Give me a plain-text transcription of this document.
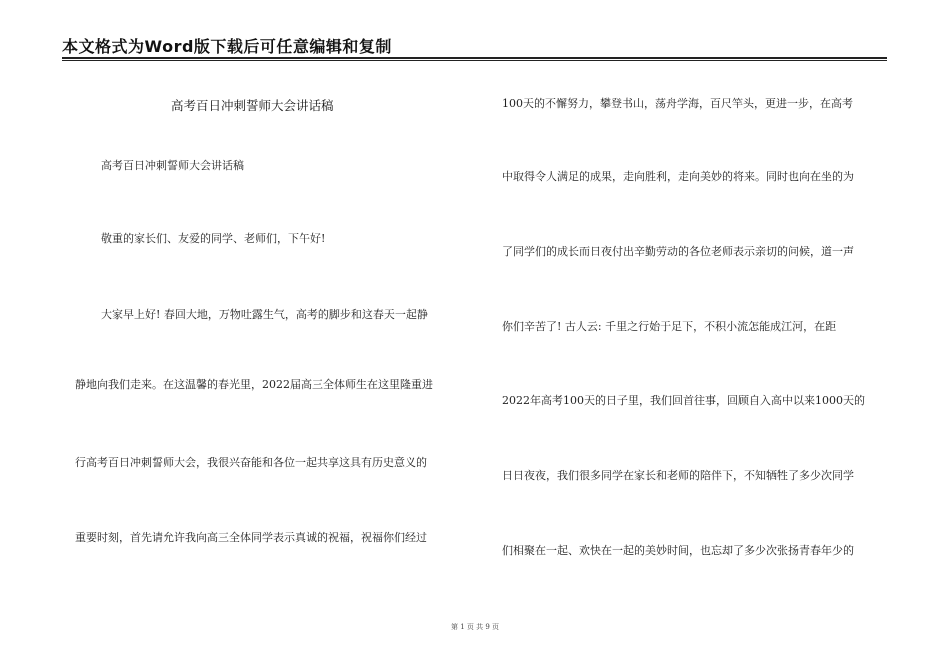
本文格式为Word版下载后可任意编辑和复制
高考百日冲刺誓师大会讲话稿
高考百日冲刺誓师大会讲话稿
敬重的家长们、友爱的同学、老师们，下午好!
大家早上好! 春回大地，万物吐露生气，高考的脚步和这春天一起静
静地向我们走来。在这温馨的春光里，2022届高三全体师生在这里隆重进
行高考百日冲刺誓师大会，我很兴奋能和各位一起共享这具有历史意义的
重要时刻，首先请允许我向高三全体同学表示真诚的祝福，祝福你们经过
100天的不懈努力，攀登书山，荡舟学海，百尺竿头，更进一步，在高考
中取得令人满足的成果，走向胜利，走向美妙的将来。同时也向在坐的为
了同学们的成长而日夜付出辛勤劳动的各位老师表示亲切的问候，道一声
你们辛苦了! 古人云: 千里之行始于足下，不积小流怎能成江河，在距
2022年高考100天的日子里，我们回首往事，回顾自入高中以来1000天的
日日夜夜，我们很多同学在家长和老师的陪伴下，不知牺牲了多少次同学
们相聚在一起、欢快在一起的美妙时间，也忘却了多少次张扬青春年少的
第 1 页 共 9 页
